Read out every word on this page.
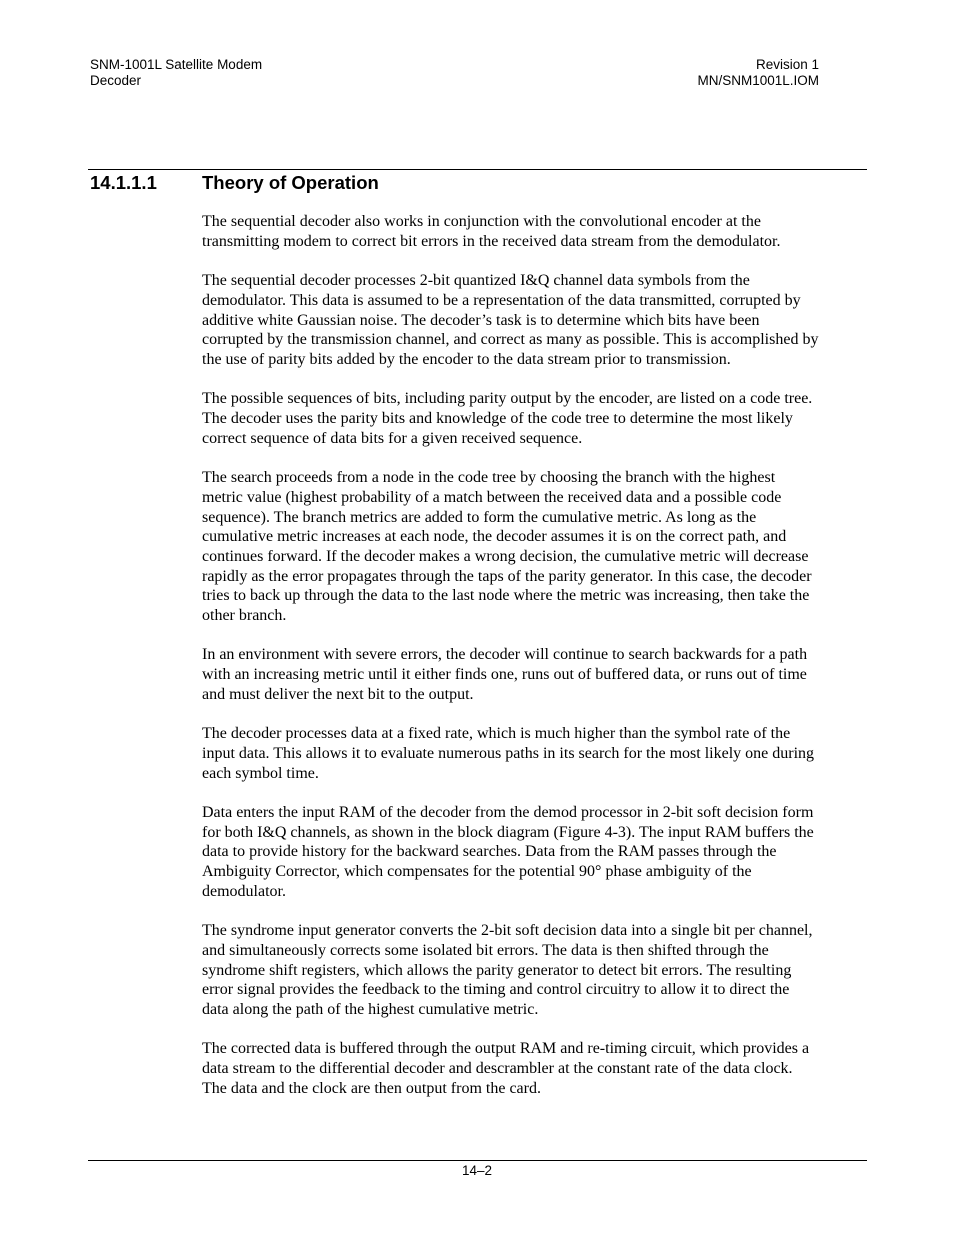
SNM-1001L Satellite Modem
Decoder
Revision 1
MN/SNM1001L.IOM
14.1.1.1 Theory of Operation

The sequential decoder also works in conjunction with the convolutional encoder at the
transmitting modem to correct bit errors in the received data stream from the demodulator.

The sequential decoder processes 2-bit quantized I&Q channel data symbols from the
demodulator. This data is assumed to be a representation of the data transmitted, corrupted by
additive white Gaussian noise. The decoder’s task is to determine which bits have been
corrupted by the transmission channel, and correct as many as possible. This is accomplished by
the use of parity bits added by the encoder to the data stream prior to transmission.

The possible sequences of bits, including parity output by the encoder, are listed on a code tree.
The decoder uses the parity bits and knowledge of the code tree to determine the most likely
correct sequence of data bits for a given received sequence.

The search proceeds from a node in the code tree by choosing the branch with the highest
metric value (highest probability of a match between the received data and a possible code
sequence). The branch metrics are added to form the cumulative metric. As long as the
cumulative metric increases at each node, the decoder assumes it is on the correct path, and
continues forward. If the decoder makes a wrong decision, the cumulative metric will decrease
rapidly as the error propagates through the taps of the parity generator. In this case, the decoder
tries to back up through the data to the last node where the metric was increasing, then take the
other branch.

In an environment with severe errors, the decoder will continue to search backwards for a path
with an increasing metric until it either finds one, runs out of buffered data, or runs out of time
and must deliver the next bit to the output.

The decoder processes data at a fixed rate, which is much higher than the symbol rate of the
input data. This allows it to evaluate numerous paths in its search for the most likely one during
each symbol time.

Data enters the input RAM of the decoder from the demod processor in 2-bit soft decision form
for both I&Q channels, as shown in the block diagram (Figure 4-3). The input RAM buffers the
data to provide history for the backward searches. Data from the RAM passes through the
Ambiguity Corrector, which compensates for the potential 90° phase ambiguity of the
demodulator.

The syndrome input generator converts the 2-bit soft decision data into a single bit per channel,
and simultaneously corrects some isolated bit errors. The data is then shifted through the
syndrome shift registers, which allows the parity generator to detect bit errors. The resulting
error signal provides the feedback to the timing and control circuitry to allow it to direct the
data along the path of the highest cumulative metric.

The corrected data is buffered through the output RAM and re-timing circuit, which provides a
data stream to the differential decoder and descrambler at the constant rate of the data clock.
The data and the clock are then output from the card.

14–2
